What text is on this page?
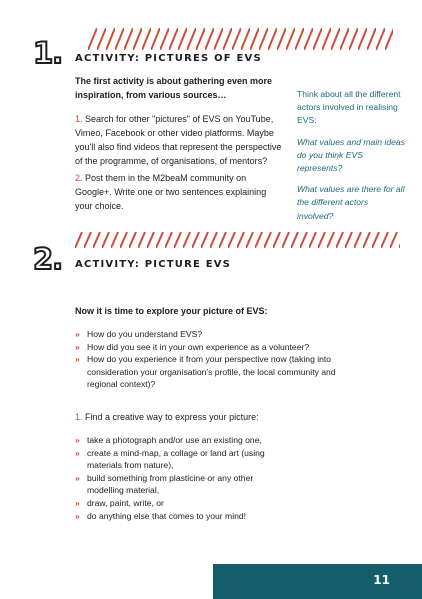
1. ACTIVITY: PICTURES OF EVS
The first activity is about gathering even more inspiration, from various sources…
1. Search for other "pictures" of EVS on YouTube, Vimeo, Facebook or other video platforms. Maybe you'll also find videos that represent the perspective of the programme, of organisations, of mentors?
2. Post them in the M2beaM community on Google+. Write one or two sentences explaining your choice.
Think about all the different actors involved in realising EVS:
What values and main ideas do you think EVS represents?
What values are there for all the different actors involved?
2. ACTIVITY: PICTURE EVS
Now it is time to explore your picture of EVS:
» How do you understand EVS?
» How did you see it in your own experience as a volunteer?
» How do you experience it from your perspective now (taking into consideration your organisation's profile, the local community and regional context)?
1. Find a creative way to express your picture:
» take a photograph and/or use an existing one,
» create a mind-map, a collage or land art (using materials from nature),
» build something from plasticine or any other modelling material,
» draw, paint, write, or
» do anything else that comes to your mind!
11
